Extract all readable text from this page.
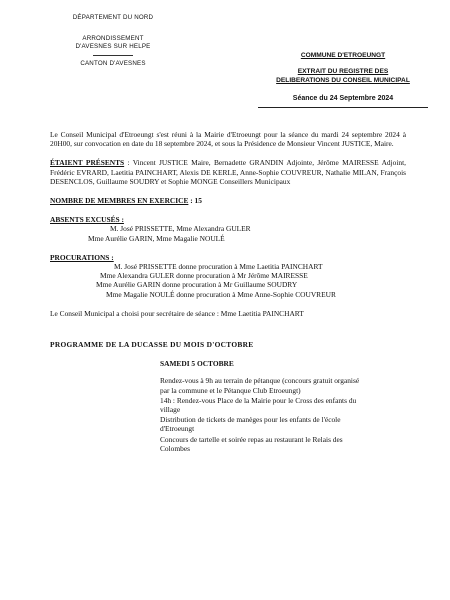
DÉPARTEMENT DU NORD
ARRONDISSEMENT
D'AVESNES SUR HELPE
CANTON D'AVESNES
COMMUNE D'ETROEUNGT
EXTRAIT DU REGISTRE DES
DELIBERATIONS DU CONSEIL MUNICIPAL
Séance du 24 Septembre 2024

Le Conseil Municipal d'Etroeungt s'est réuni à la Mairie d'Etroeungt pour la séance du mardi 24 septembre 2024 à 20H00, sur convocation en date du 18 septembre 2024, et sous la Présidence de Monsieur Vincent JUSTICE, Maire.

ÉTAIENT PRÉSENTS : Vincent JUSTICE Maire, Bernadette GRANDIN Adjointe, Jérôme MAIRESSE Adjoint, Frédéric EVRARD, Laetitia PAINCHART, Alexis DE KERLE, Anne-Sophie COUVREUR, Nathalie MILAN, François DESENCLOS, Guillaume SOUDRY et Sophie MONGE Conseillers Municipaux

NOMBRE DE MEMBRES EN EXERCICE : 15

ABSENTS EXCUSÉS :
M. José PRISSETTE, Mme Alexandra GULER
Mme Aurélie GARIN, Mme Magalie NOULÉ
PROCURATIONS :
M. José PRISSETTE donne procuration à Mme Laetitia PAINCHART
Mme Alexandra GULER donne procuration à Mr Jérôme MAIRESSE
Mme Aurélie GARIN donne procuration à Mr Guillaume SOUDRY
Mme Magalie NOULÉ donne procuration à Mme Anne-Sophie COUVREUR

Le Conseil Municipal a choisi pour secrétaire de séance : Mme Laetitia PAINCHART

PROGRAMME DE LA DUCASSE DU MOIS D'OCTOBRE
SAMEDI 5 OCTOBRE
Rendez-vous à 9h au terrain de pétanque (concours gratuit organisé par la commune et le Pétanque Club Etroeungt)
14h : Rendez-vous Place de la Mairie pour le Cross des enfants du village
Distribution de tickets de manèges pour les enfants de l'école d'Etroeungt
Concours de tartelle et soirée repas au restaurant le Relais des Colombes
